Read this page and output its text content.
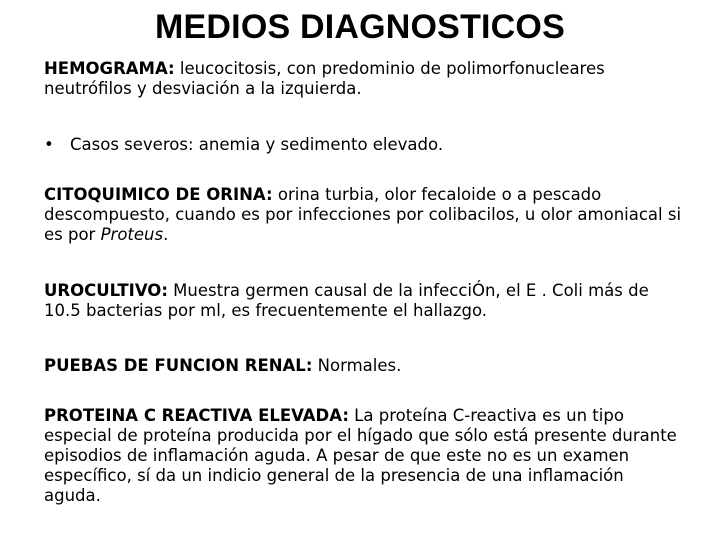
MEDIOS DIAGNOSTICOS
HEMOGRAMA: leucocitosis, con predominio de polimorfonucleares neutrófilos y desviación a la izquierda.
• Casos severos: anemia y sedimento elevado.
CITOQUIMICO DE ORINA: orina turbia, olor fecaloide o a pescado descompuesto, cuando es por infecciones por colibacilos, u olor amoniacal si es por Proteus.
UROCULTIVO: Muestra germen causal de la infecciÓn, el E . Coli más de 10.5 bacterias por ml, es frecuentemente el hallazgo.
PUEBAS DE FUNCION RENAL: Normales.
PROTEINA C REACTIVA ELEVADA: La proteína C-reactiva es un tipo especial de proteína producida por el hígado que sólo está presente durante episodios de inflamación aguda. A pesar de que este no es un examen específico, sí da un indicio general de la presencia de una inflamación aguda.
